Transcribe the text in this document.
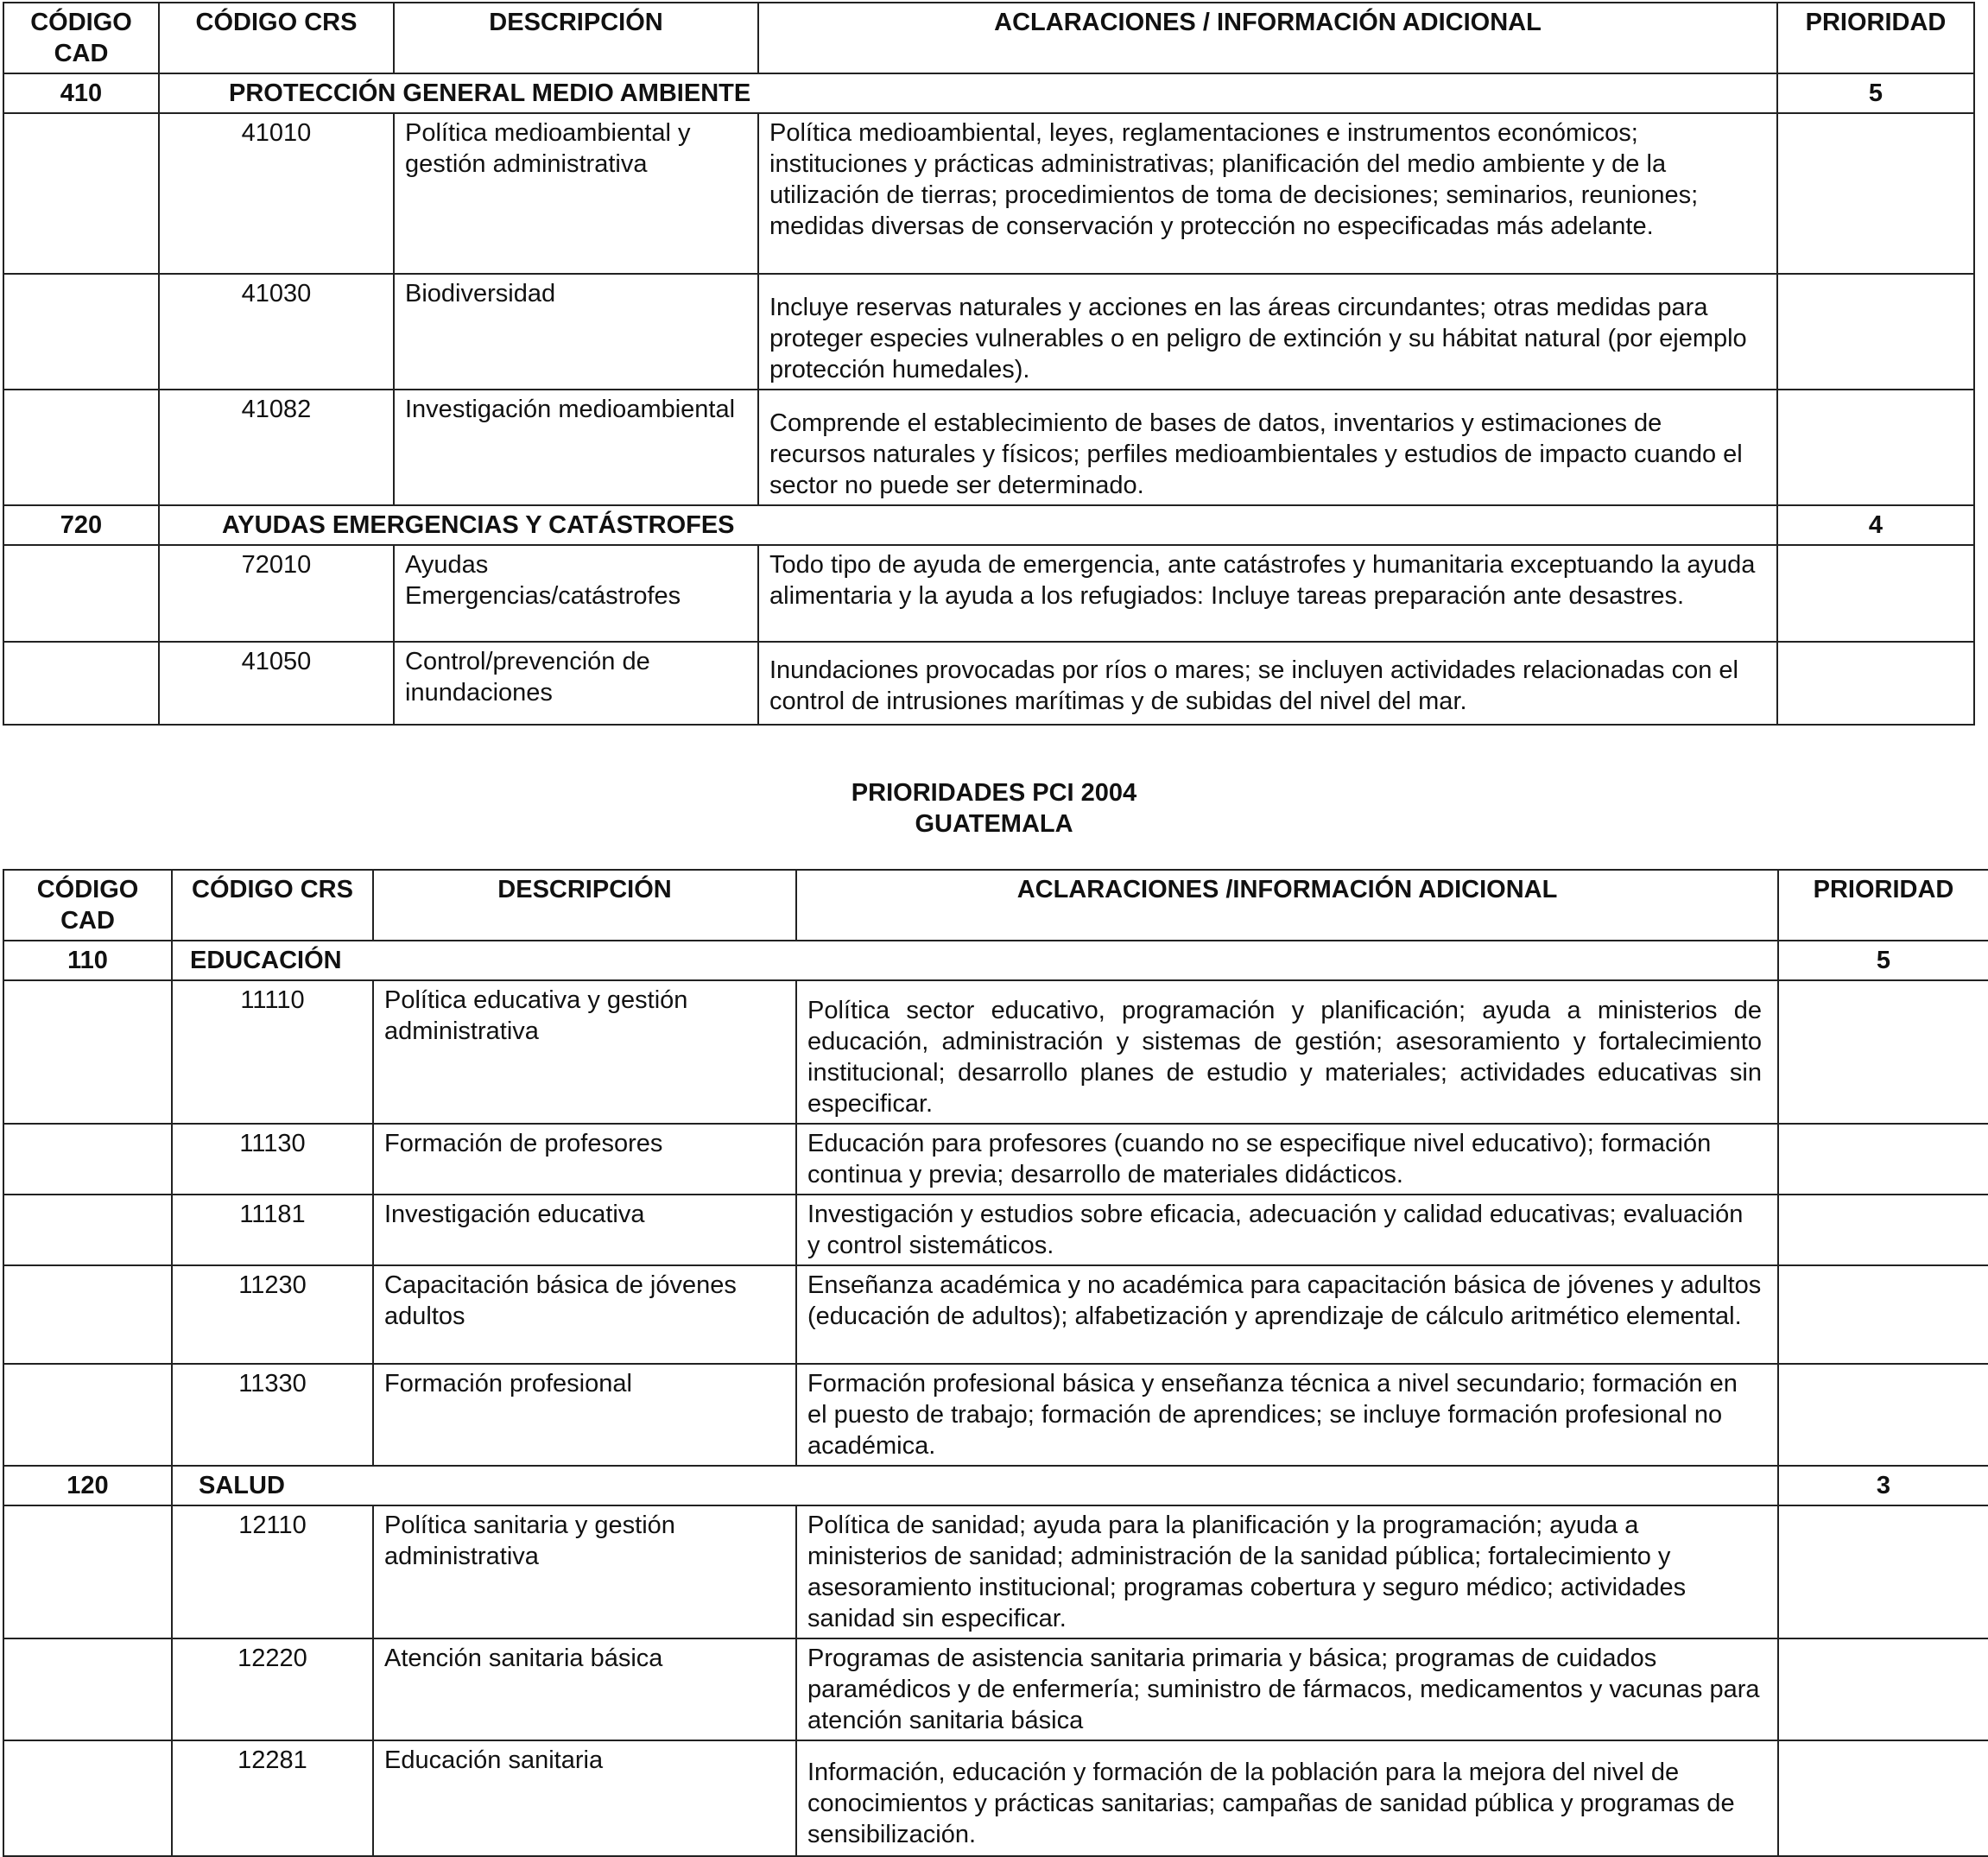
CÓDIGO CAD	CÓDIGO CRS	DESCRIPCIÓN	ACLARACIONES / INFORMACIÓN ADICIONAL	PRIORIDAD
410	PROTECCIÓN GENERAL MEDIO AMBIENTE			5
	41010	Política medioambiental y gestión administrativa	Política medioambiental, leyes, reglamentaciones e instrumentos económicos; instituciones y prácticas administrativas; planificación del medio ambiente y de la utilización de tierras; procedimientos de toma de decisiones; seminarios, reuniones; medidas diversas de conservación y protección no especificadas más adelante.	
	41030	Biodiversidad	Incluye reservas naturales y acciones en las áreas circundantes; otras medidas para proteger especies vulnerables o en peligro de extinción y su hábitat natural (por ejemplo protección humedales).	
	41082	Investigación medioambiental	Comprende el establecimiento de bases de datos, inventarios y estimaciones de recursos naturales y físicos; perfiles medioambientales y estudios de impacto cuando el sector no puede ser determinado.	
720	AYUDAS EMERGENCIAS Y CATÁSTROFES			4
	72010	Ayudas Emergencias/catástrofes	Todo tipo de ayuda de emergencia, ante catástrofes y humanitaria exceptuando la ayuda alimentaria y la ayuda a los refugiados: Incluye tareas preparación ante desastres.	
	41050	Control/prevención de inundaciones	Inundaciones provocadas por ríos o mares; se incluyen actividades relacionadas con el control de intrusiones marítimas y de subidas del nivel del mar.	
PRIORIDADES PCI 2004
GUATEMALA
CÓDIGO CAD	CÓDIGO CRS	DESCRIPCIÓN	ACLARACIONES /INFORMACIÓN ADICIONAL	PRIORIDAD
110	EDUCACIÓN			5
	11110	Política educativa y gestión administrativa	Política sector educativo, programación y planificación; ayuda a ministerios de educación, administración y sistemas de gestión; asesoramiento y fortalecimiento institucional; desarrollo planes de estudio y materiales; actividades educativas sin especificar.	
	11130	Formación de profesores	Educación para profesores (cuando no se especifique nivel educativo); formación continua y previa; desarrollo de materiales didácticos.	
	11181	Investigación educativa	Investigación y estudios sobre eficacia, adecuación y calidad educativas; evaluación y control sistemáticos.	
	11230	Capacitación básica de jóvenes adultos	Enseñanza académica y no académica para capacitación básica de jóvenes y adultos (educación de adultos); alfabetización y aprendizaje de cálculo aritmético elemental.	
	11330	Formación profesional	Formación profesional básica y enseñanza técnica a nivel secundario; formación en el puesto de trabajo; formación de aprendices; se incluye formación profesional no académica.	
120	SALUD			3
	12110	Política sanitaria y gestión administrativa	Política de sanidad; ayuda para la planificación y la programación; ayuda a ministerios de sanidad; administración de la sanidad pública; fortalecimiento y asesoramiento institucional; programas cobertura y seguro médico; actividades sanidad sin especificar.	
	12220	Atención sanitaria básica	Programas de asistencia sanitaria primaria y básica; programas de cuidados paramédicos y de enfermería; suministro de fármacos, medicamentos y vacunas para atención sanitaria básica	
	12281	Educación sanitaria	Información, educación y formación de la población para la mejora del nivel de conocimientos y prácticas sanitarias; campañas de sanidad pública y programas de sensibilización.	
